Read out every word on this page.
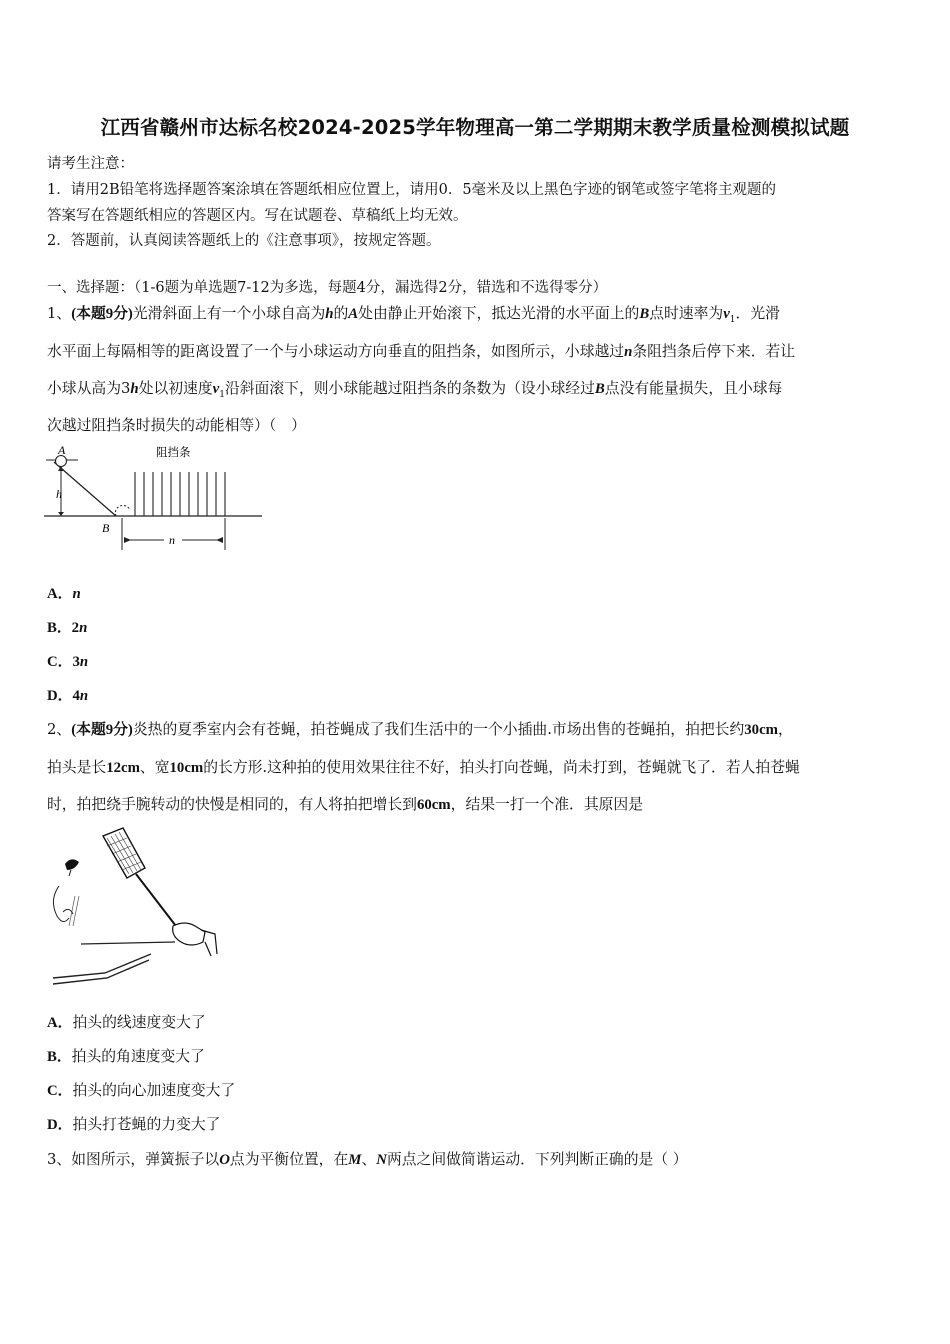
江西省赣州市达标名校2024-2025学年物理高一第二学期期末教学质量检测模拟试题
请考生注意：
1．请用2B铅笔将选择题答案涂填在答题纸相应位置上，请用0．5毫米及以上黑色字迹的钢笔或签字笔将主观题的
答案写在答题纸相应的答题区内。写在试题卷、草稿纸上均无效。
2．答题前，认真阅读答题纸上的《注意事项》，按规定答题。
一、选择题：（1-6题为单选题7-12为多选，每题4分，漏选得2分，错选和不选得零分）
1、(本题9分)光滑斜面上有一个小球自高为h的A处由静止开始滚下，抵达光滑的水平面上的B点时速率为$v_1$．光滑
水平面上每隔相等的距离设置了一个与小球运动方向垂直的阻挡条，如图所示，小球越过n条阻挡条后停下来．若让
小球从高为3h处以初速度$v_1$沿斜面滚下，则小球能越过阻挡条的条数为（设小球经过B点没有能量损失，且小球每
次越过阻挡条时损失的动能相等）（　）
A
h
B
阻挡条
n
A．n
B．2n
C．3n
D．4n
2、(本题9分)炎热的夏季室内会有苍蝇，拍苍蝇成了我们生活中的一个小插曲.市场出售的苍蝇拍，拍把长约30cm，
拍头是长12cm、宽10cm的长方形.这种拍的使用效果往往不好，拍头打向苍蝇，尚未打到，苍蝇就飞了．若人拍苍蝇
时，拍把绕手腕转动的快慢是相同的，有人将拍把增长到60cm，结果一打一个准．其原因是
A．拍头的线速度变大了
B．拍头的角速度变大了
C．拍头的向心加速度变大了
D．拍头打苍蝇的力变大了
3、如图所示，弹簧振子以O点为平衡位置，在M、N两点之间做简谐运动．下列判断正确的是（ ）
